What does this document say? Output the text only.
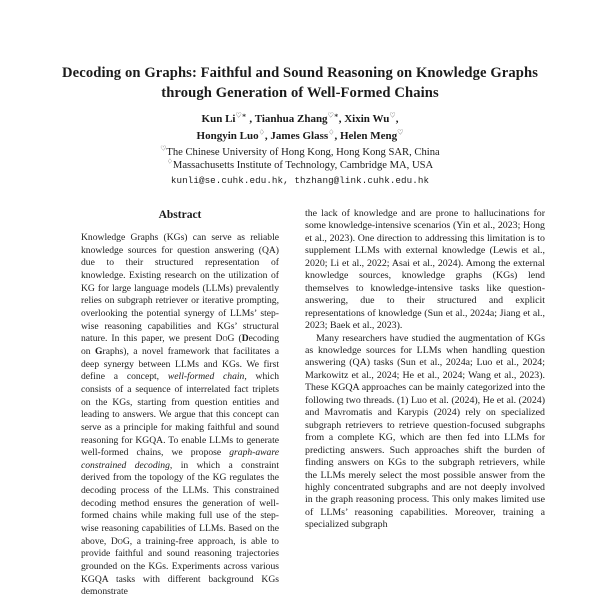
Decoding on Graphs: Faithful and Sound Reasoning on Knowledge Graphs
through Generation of Well-Formed Chains
Kun Li♡∗ , Tianhua Zhang♡∗, Xixin Wu♡,
Hongyin Luo♢, James Glass♢, Helen Meng♡
♡The Chinese University of Hong Kong, Hong Kong SAR, China
♢Massachusetts Institute of Technology, Cambridge MA, USA
kunli@se.cuhk.edu.hk, thzhang@link.cuhk.edu.hk
Abstract

Knowledge Graphs (KGs) can serve as reliable knowledge sources for question answering (QA) due to their structured representation of knowledge. Existing research on the utilization of KG for large language models (LLMs) prevalently relies on subgraph retriever or iterative prompting, overlooking the potential synergy of LLMs’ step-wise reasoning capabilities and KGs’ structural nature. In this paper, we present DoG (Decoding on Graphs), a novel framework that facilitates a deep synergy between LLMs and KGs. We first define a concept, well-formed chain, which consists of a sequence of interrelated fact triplets on the KGs, starting from question entities and leading to answers. We argue that this concept can serve as a principle for making faithful and sound reasoning for KGQA. To enable LLMs to generate well-formed chains, we propose graph-aware constrained decoding, in which a constraint derived from the topology of the KG regulates the decoding process of the LLMs. This constrained decoding method ensures the generation of well-formed chains while making full use of the step-wise reasoning capabilities of LLMs. Based on the above, DoG, a training-free approach, is able to provide faithful and sound reasoning trajectories grounded on the KGs. Experiments across various KGQA tasks with different background KGs demonstrate

the lack of knowledge and are prone to hallucinations for some knowledge-intensive scenarios (Yin et al., 2023; Hong et al., 2023). One direction to addressing this limitation is to supplement LLMs with external knowledge (Lewis et al., 2020; Li et al., 2022; Asai et al., 2024). Among the external knowledge sources, knowledge graphs (KGs) lend themselves to knowledge-intensive tasks like question-answering, due to their structured and explicit representations of knowledge (Sun et al., 2024a; Jiang et al., 2023; Baek et al., 2023).

Many researchers have studied the augmentation of KGs as knowledge sources for LLMs when handling question answering (QA) tasks (Sun et al., 2024a; Luo et al., 2024; Markowitz et al., 2024; He et al., 2024; Wang et al., 2023). These KGQA approaches can be mainly categorized into the following two threads. (1) Luo et al. (2024), He et al. (2024) and Mavromatis and Karypis (2024) rely on specialized subgraph retrievers to retrieve question-focused subgraphs from a complete KG, which are then fed into LLMs for predicting answers. Such approaches shift the burden of finding answers on KGs to the subgraph retrievers, while the LLMs merely select the most possible answer from the highly concentrated subgraphs and are not deeply involved in the graph reasoning process. This only makes limited use of LLMs’ reasoning capabilities. Moreover, training a specialized subgraph
